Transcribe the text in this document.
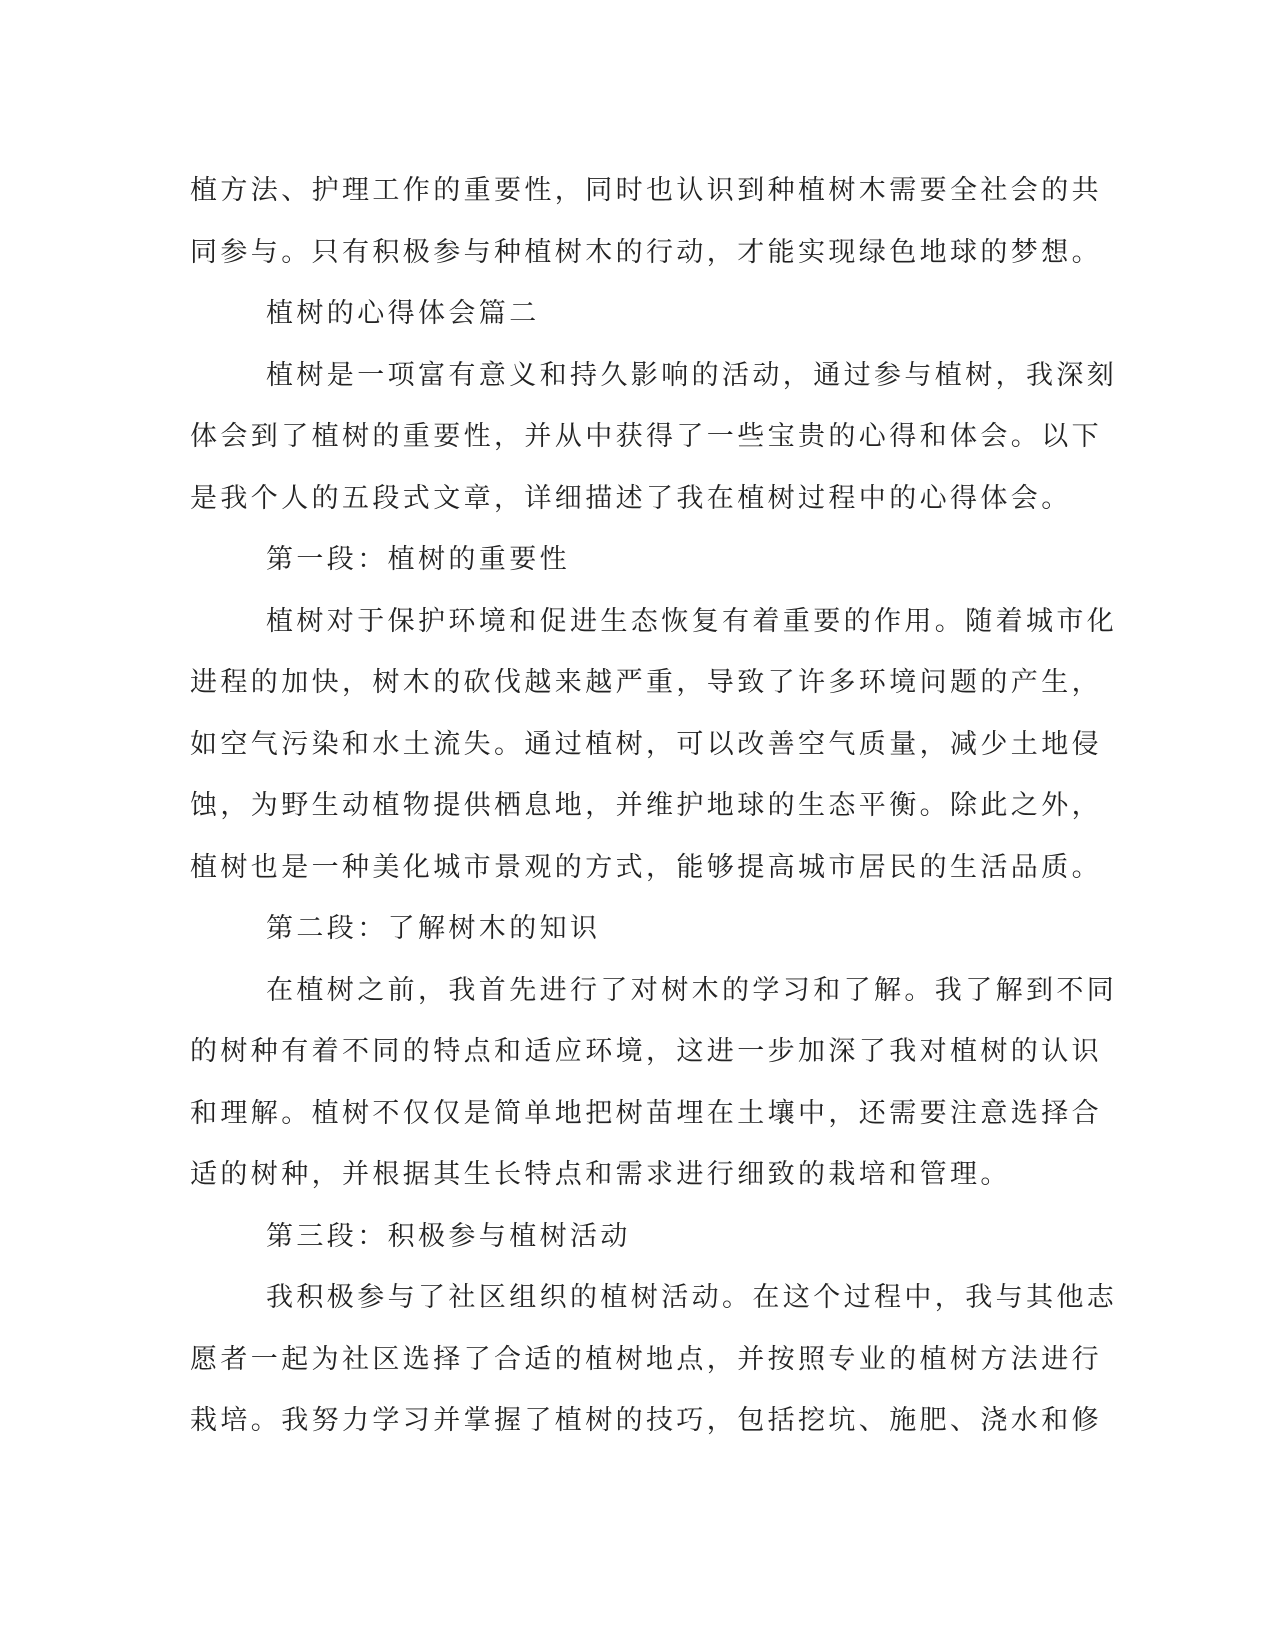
植方法、护理工作的重要性，同时也认识到种植树木需要全社会的共
同参与。只有积极参与种植树木的行动，才能实现绿色地球的梦想。
植树的心得体会篇二
植树是一项富有意义和持久影响的活动，通过参与植树，我深刻
体会到了植树的重要性，并从中获得了一些宝贵的心得和体会。以下
是我个人的五段式文章，详细描述了我在植树过程中的心得体会。
第一段：植树的重要性
植树对于保护环境和促进生态恢复有着重要的作用。随着城市化
进程的加快，树木的砍伐越来越严重，导致了许多环境问题的产生，
如空气污染和水土流失。通过植树，可以改善空气质量，减少土地侵
蚀，为野生动植物提供栖息地，并维护地球的生态平衡。除此之外，
植树也是一种美化城市景观的方式，能够提高城市居民的生活品质。
第二段：了解树木的知识
在植树之前，我首先进行了对树木的学习和了解。我了解到不同
的树种有着不同的特点和适应环境，这进一步加深了我对植树的认识
和理解。植树不仅仅是简单地把树苗埋在土壤中，还需要注意选择合
适的树种，并根据其生长特点和需求进行细致的栽培和管理。
第三段：积极参与植树活动
我积极参与了社区组织的植树活动。在这个过程中，我与其他志
愿者一起为社区选择了合适的植树地点，并按照专业的植树方法进行
栽培。我努力学习并掌握了植树的技巧，包括挖坑、施肥、浇水和修
